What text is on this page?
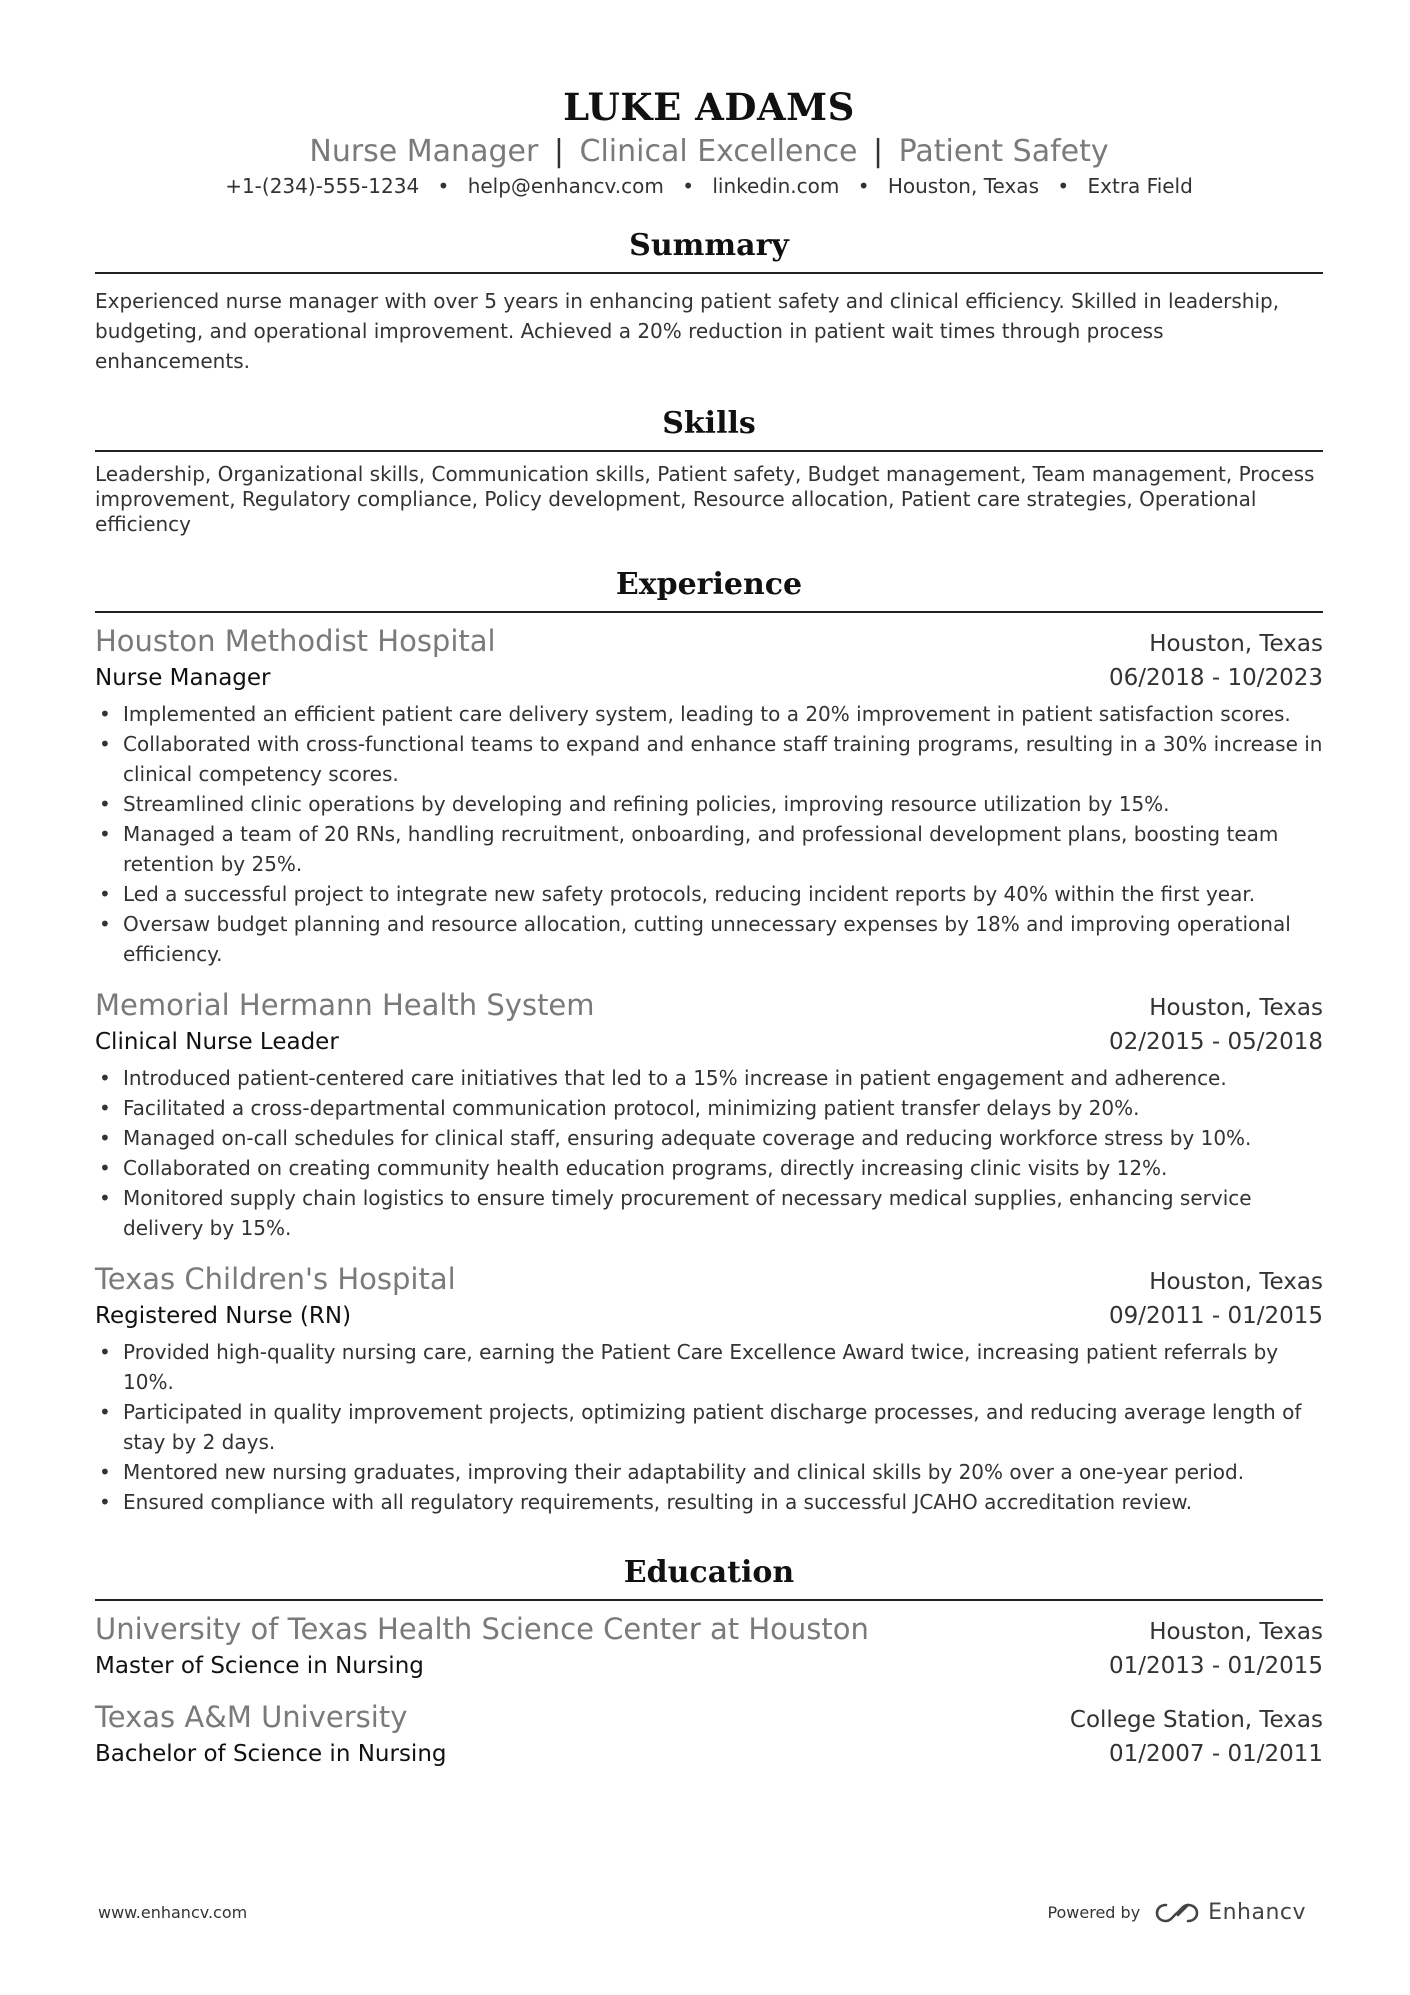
LUKE ADAMS
Nurse Manager | Clinical Excellence | Patient Safety
+1-(234)-555-1234 • help@enhancv.com • linkedin.com • Houston, Texas • Extra Field
Summary
Experienced nurse manager with over 5 years in enhancing patient safety and clinical efficiency. Skilled in leadership, budgeting, and operational improvement. Achieved a 20% reduction in patient wait times through process enhancements.
Skills
Leadership, Organizational skills, Communication skills, Patient safety, Budget management, Team management, Process improvement, Regulatory compliance, Policy development, Resource allocation, Patient care strategies, Operational efficiency
Experience
Houston Methodist Hospital	Houston, Texas
Nurse Manager	06/2018 - 10/2023
• Implemented an efficient patient care delivery system, leading to a 20% improvement in patient satisfaction scores.
• Collaborated with cross-functional teams to expand and enhance staff training programs, resulting in a 30% increase in clinical competency scores.
• Streamlined clinic operations by developing and refining policies, improving resource utilization by 15%.
• Managed a team of 20 RNs, handling recruitment, onboarding, and professional development plans, boosting team retention by 25%.
• Led a successful project to integrate new safety protocols, reducing incident reports by 40% within the first year.
• Oversaw budget planning and resource allocation, cutting unnecessary expenses by 18% and improving operational efficiency.
Memorial Hermann Health System	Houston, Texas
Clinical Nurse Leader	02/2015 - 05/2018
• Introduced patient-centered care initiatives that led to a 15% increase in patient engagement and adherence.
• Facilitated a cross-departmental communication protocol, minimizing patient transfer delays by 20%.
• Managed on-call schedules for clinical staff, ensuring adequate coverage and reducing workforce stress by 10%.
• Collaborated on creating community health education programs, directly increasing clinic visits by 12%.
• Monitored supply chain logistics to ensure timely procurement of necessary medical supplies, enhancing service delivery by 15%.
Texas Children's Hospital	Houston, Texas
Registered Nurse (RN)	09/2011 - 01/2015
• Provided high-quality nursing care, earning the Patient Care Excellence Award twice, increasing patient referrals by 10%.
• Participated in quality improvement projects, optimizing patient discharge processes, and reducing average length of stay by 2 days.
• Mentored new nursing graduates, improving their adaptability and clinical skills by 20% over a one-year period.
• Ensured compliance with all regulatory requirements, resulting in a successful JCAHO accreditation review.
Education
University of Texas Health Science Center at Houston	Houston, Texas
Master of Science in Nursing	01/2013 - 01/2015
Texas A&M University	College Station, Texas
Bachelor of Science in Nursing	01/2007 - 01/2011
www.enhancv.com	Powered by	Enhancv
